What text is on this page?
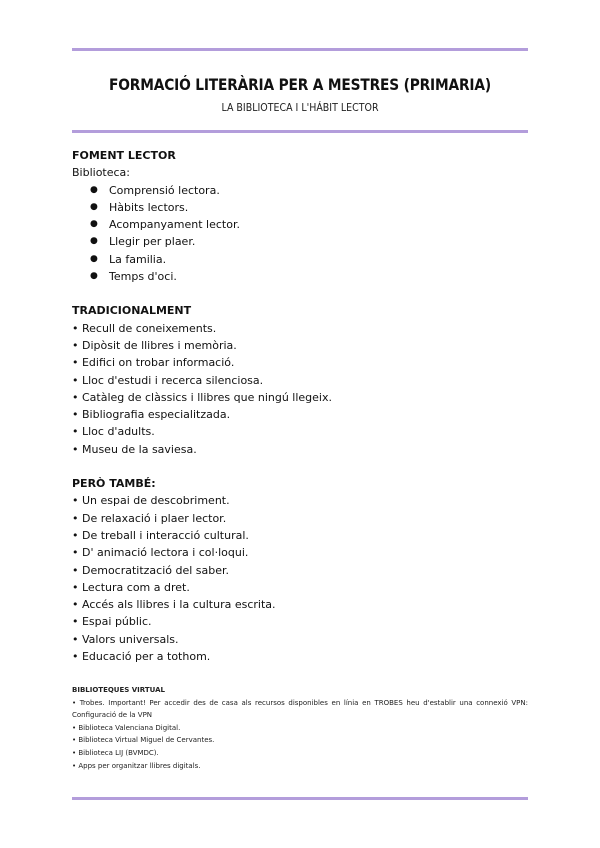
FORMACIÓ LITERÀRIA PER A MESTRES (PRIMARIA)
LA BIBLIOTECA I L'HÁBIT LECTOR

FOMENT LECTOR

Biblioteca:

● Comprensió lectora.
● Hàbits lectors.
● Acompanyament lector.
● Llegir per plaer.
● La familia.
● Temps d'oci.

TRADICIONALMENT

• Recull de coneixements.
• Dipòsit de llibres i memòria.
• Edifici on trobar informació.
• Lloc d'estudi i recerca silenciosa.
• Catàleg de clàssics i llibres que ningú llegeix.
• Bibliografia especialitzada.
• Lloc d'adults.
• Museu de la saviesa.

PERÒ TAMBÉ:

• Un espai de descobriment.
• De relaxació i plaer lector.
• De treball i interacció cultural.
• D' animació lectora i col·loqui.
• Democratització del saber.
• Lectura com a dret.
• Accés als llibres i la cultura escrita.
• Espai públic.
• Valors universals.
• Educació per a tothom.

BIBLIOTEQUES VIRTUAL

• Trobes. Important! Per accedir des de casa als recursos disponibles en línia en TROBES heu d'establir una connexió VPN: Configuració de la VPN
• Biblioteca Valenciana Digital.
• Biblioteca Virtual Miguel de Cervantes.
• Biblioteca LIJ (BVMDC).
• Apps per organitzar llibres digitals.
